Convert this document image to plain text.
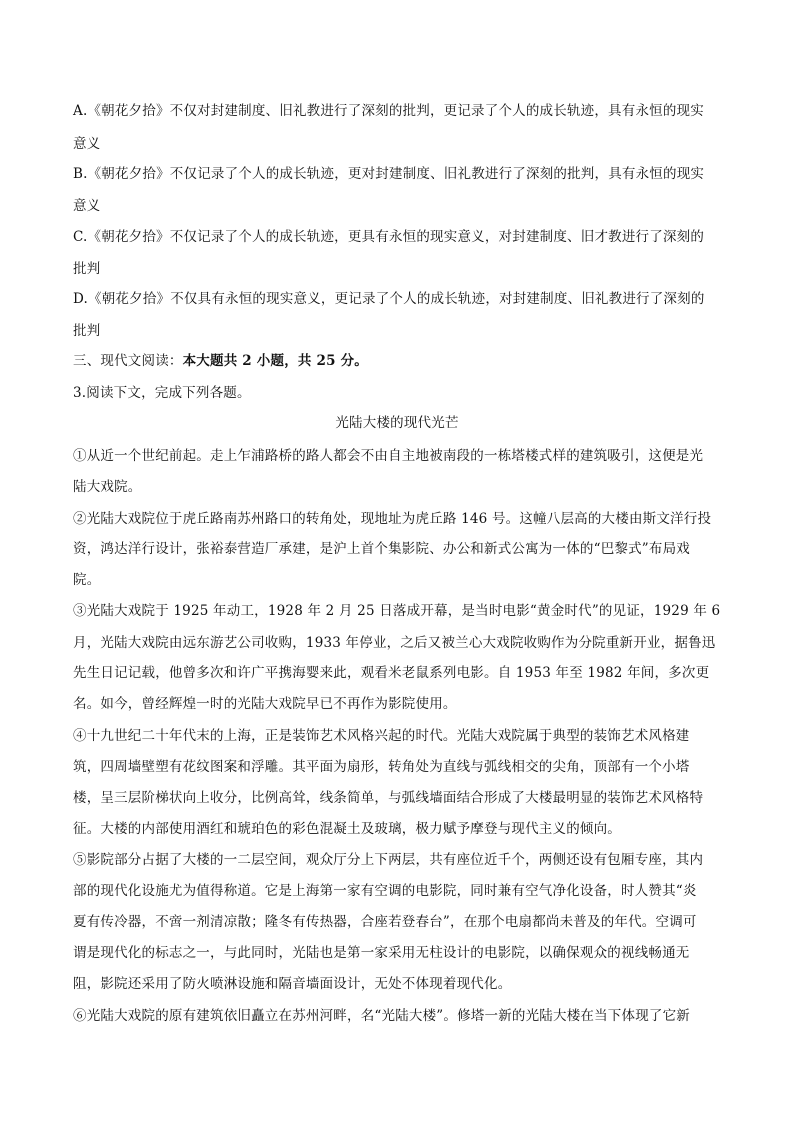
A.《朝花夕拾》不仅对封建制度、旧礼教进行了深刻的批判，更记录了个人的成长轨迹，具有永恒的现实
意义
B.《朝花夕拾》不仅记录了个人的成长轨迹，更对封建制度、旧礼教进行了深刻的批判，具有永恒的现实
意义
C.《朝花夕拾》不仅记录了个人的成长轨迹，更具有永恒的现实意义，对封建制度、旧才教进行了深刻的
批判
D.《朝花夕拾》不仅具有永恒的现实意义，更记录了个人的成长轨迹，对封建制度、旧礼教进行了深刻的
批判
三、现代文阅读：本大题共 2 小题，共 25 分。
3.阅读下文，完成下列各题。
光陆大楼的现代光芒
①从近一个世纪前起。走上乍浦路桥的路人都会不由自主地被南段的一栋塔楼式样的建筑吸引，这便是光
陆大戏院。
②光陆大戏院位于虎丘路南苏州路口的转角处，现地址为虎丘路 146 号。这幢八层高的大楼由斯文洋行投
资，鸿达洋行设计，张裕泰营造厂承建，是沪上首个集影院、办公和新式公寓为一体的“巴黎式”布局戏
院。
③光陆大戏院于 1925 年动工，1928 年 2 月 25 日落成开幕，是当时电影“黄金时代”的见证，1929 年 6
月，光陆大戏院由远东游艺公司收购，1933 年停业，之后又被兰心大戏院收购作为分院重新开业，据鲁迅
先生日记记载，他曾多次和许广平携海婴来此，观看米老鼠系列电影。自 1953 年至 1982 年间，多次更
名。如今，曾经辉煌一时的光陆大戏院早已不再作为影院使用。
④十九世纪二十年代末的上海，正是装饰艺术风格兴起的时代。光陆大戏院属于典型的装饰艺术风格建
筑，四周墙壁塑有花纹图案和浮雕。其平面为扇形，转角处为直线与弧线相交的尖角，顶部有一个小塔
楼，呈三层阶梯状向上收分，比例高耸，线条简单，与弧线墙面结合形成了大楼最明显的装饰艺术风格特
征。大楼的内部使用酒红和琥珀色的彩色混凝土及玻璃，极力赋予摩登与现代主义的倾向。
⑤影院部分占据了大楼的一二层空间，观众厅分上下两层，共有座位近千个，两侧还设有包厢专座，其内
部的现代化设施尤为值得称道。它是上海第一家有空调的电影院，同时兼有空气净化设备，时人赞其“炎
夏有传冷器，不啻一剂清凉散；隆冬有传热器，合座若登春台”，在那个电扇都尚未普及的年代。空调可
谓是现代化的标志之一，与此同时，光陆也是第一家采用无柱设计的电影院，以确保观众的视线畅通无
阻，影院还采用了防火喷淋设施和隔音墙面设计，无处不体现着现代化。
⑥光陆大戏院的原有建筑依旧矗立在苏州河畔，名“光陆大楼”。修塔一新的光陆大楼在当下体现了它新
